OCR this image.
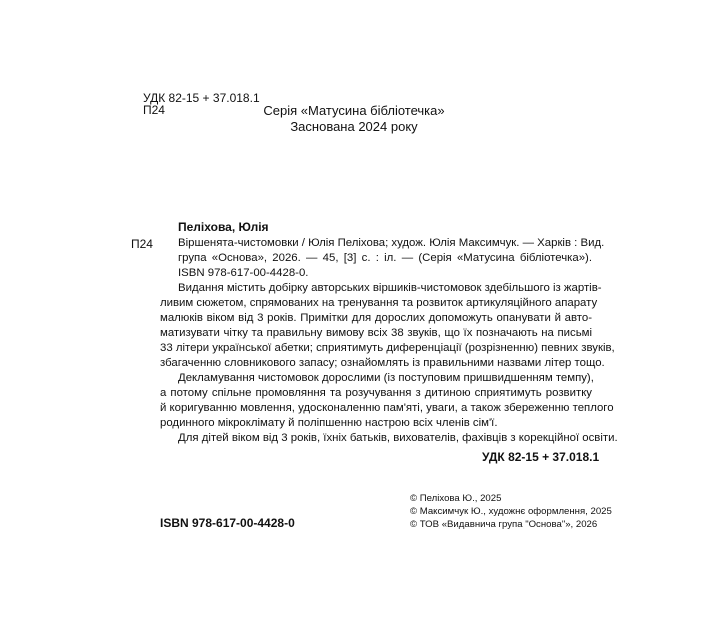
УДК 82-15 + 37.018.1
П24	Серія «Матусина бібліотечка»
Заснована 2024 року
Пеліхова, Юлія
П24 Віршенята-чистомовки / Юлія Пеліхова; худож. Юлія Максимчук. — Харків : Вид.
група «Основа», 2026. — 45, [3] с. : іл. — (Серія «Матусина бібліотечка»).
ISBN 978-617-00-4428-0.
Видання містить добірку авторських віршиків-чистомовок здебільшого із жартів-
ливим сюжетом, спрямованих на тренування та розвиток артикуляційного апарату
малюків віком від 3 років. Примітки для дорослих допоможуть опанувати й авто-
матизувати чітку та правильну вимову всіх 38 звуків, що їх позначають на письмі
33 літери української абетки; сприятимуть диференціації (розрізненню) певних звуків,
збагаченню словникового запасу; ознайомлять із правильними назвами літер тощо.
Декламування чистомовок дорослими (із поступовим пришвидшенням темпу),
а потому спільне промовляння та розучування з дитиною сприятимуть розвитку
й коригуванню мовлення, удосконаленню пам'яті, уваги, а також збереженню теплого
родинного мікроклімату й поліпшенню настрою всіх членів сім'ї.
Для дітей віком від 3 років, їхніх батьків, вихователів, фахівців з корекційної освіти.
УДК 82-15 + 37.018.1
ISBN 978-617-00-4428-0
© Пеліхова Ю., 2025
© Максимчук Ю., художнє оформлення, 2025
© ТОВ «Видавнича група "Основа"», 2026
